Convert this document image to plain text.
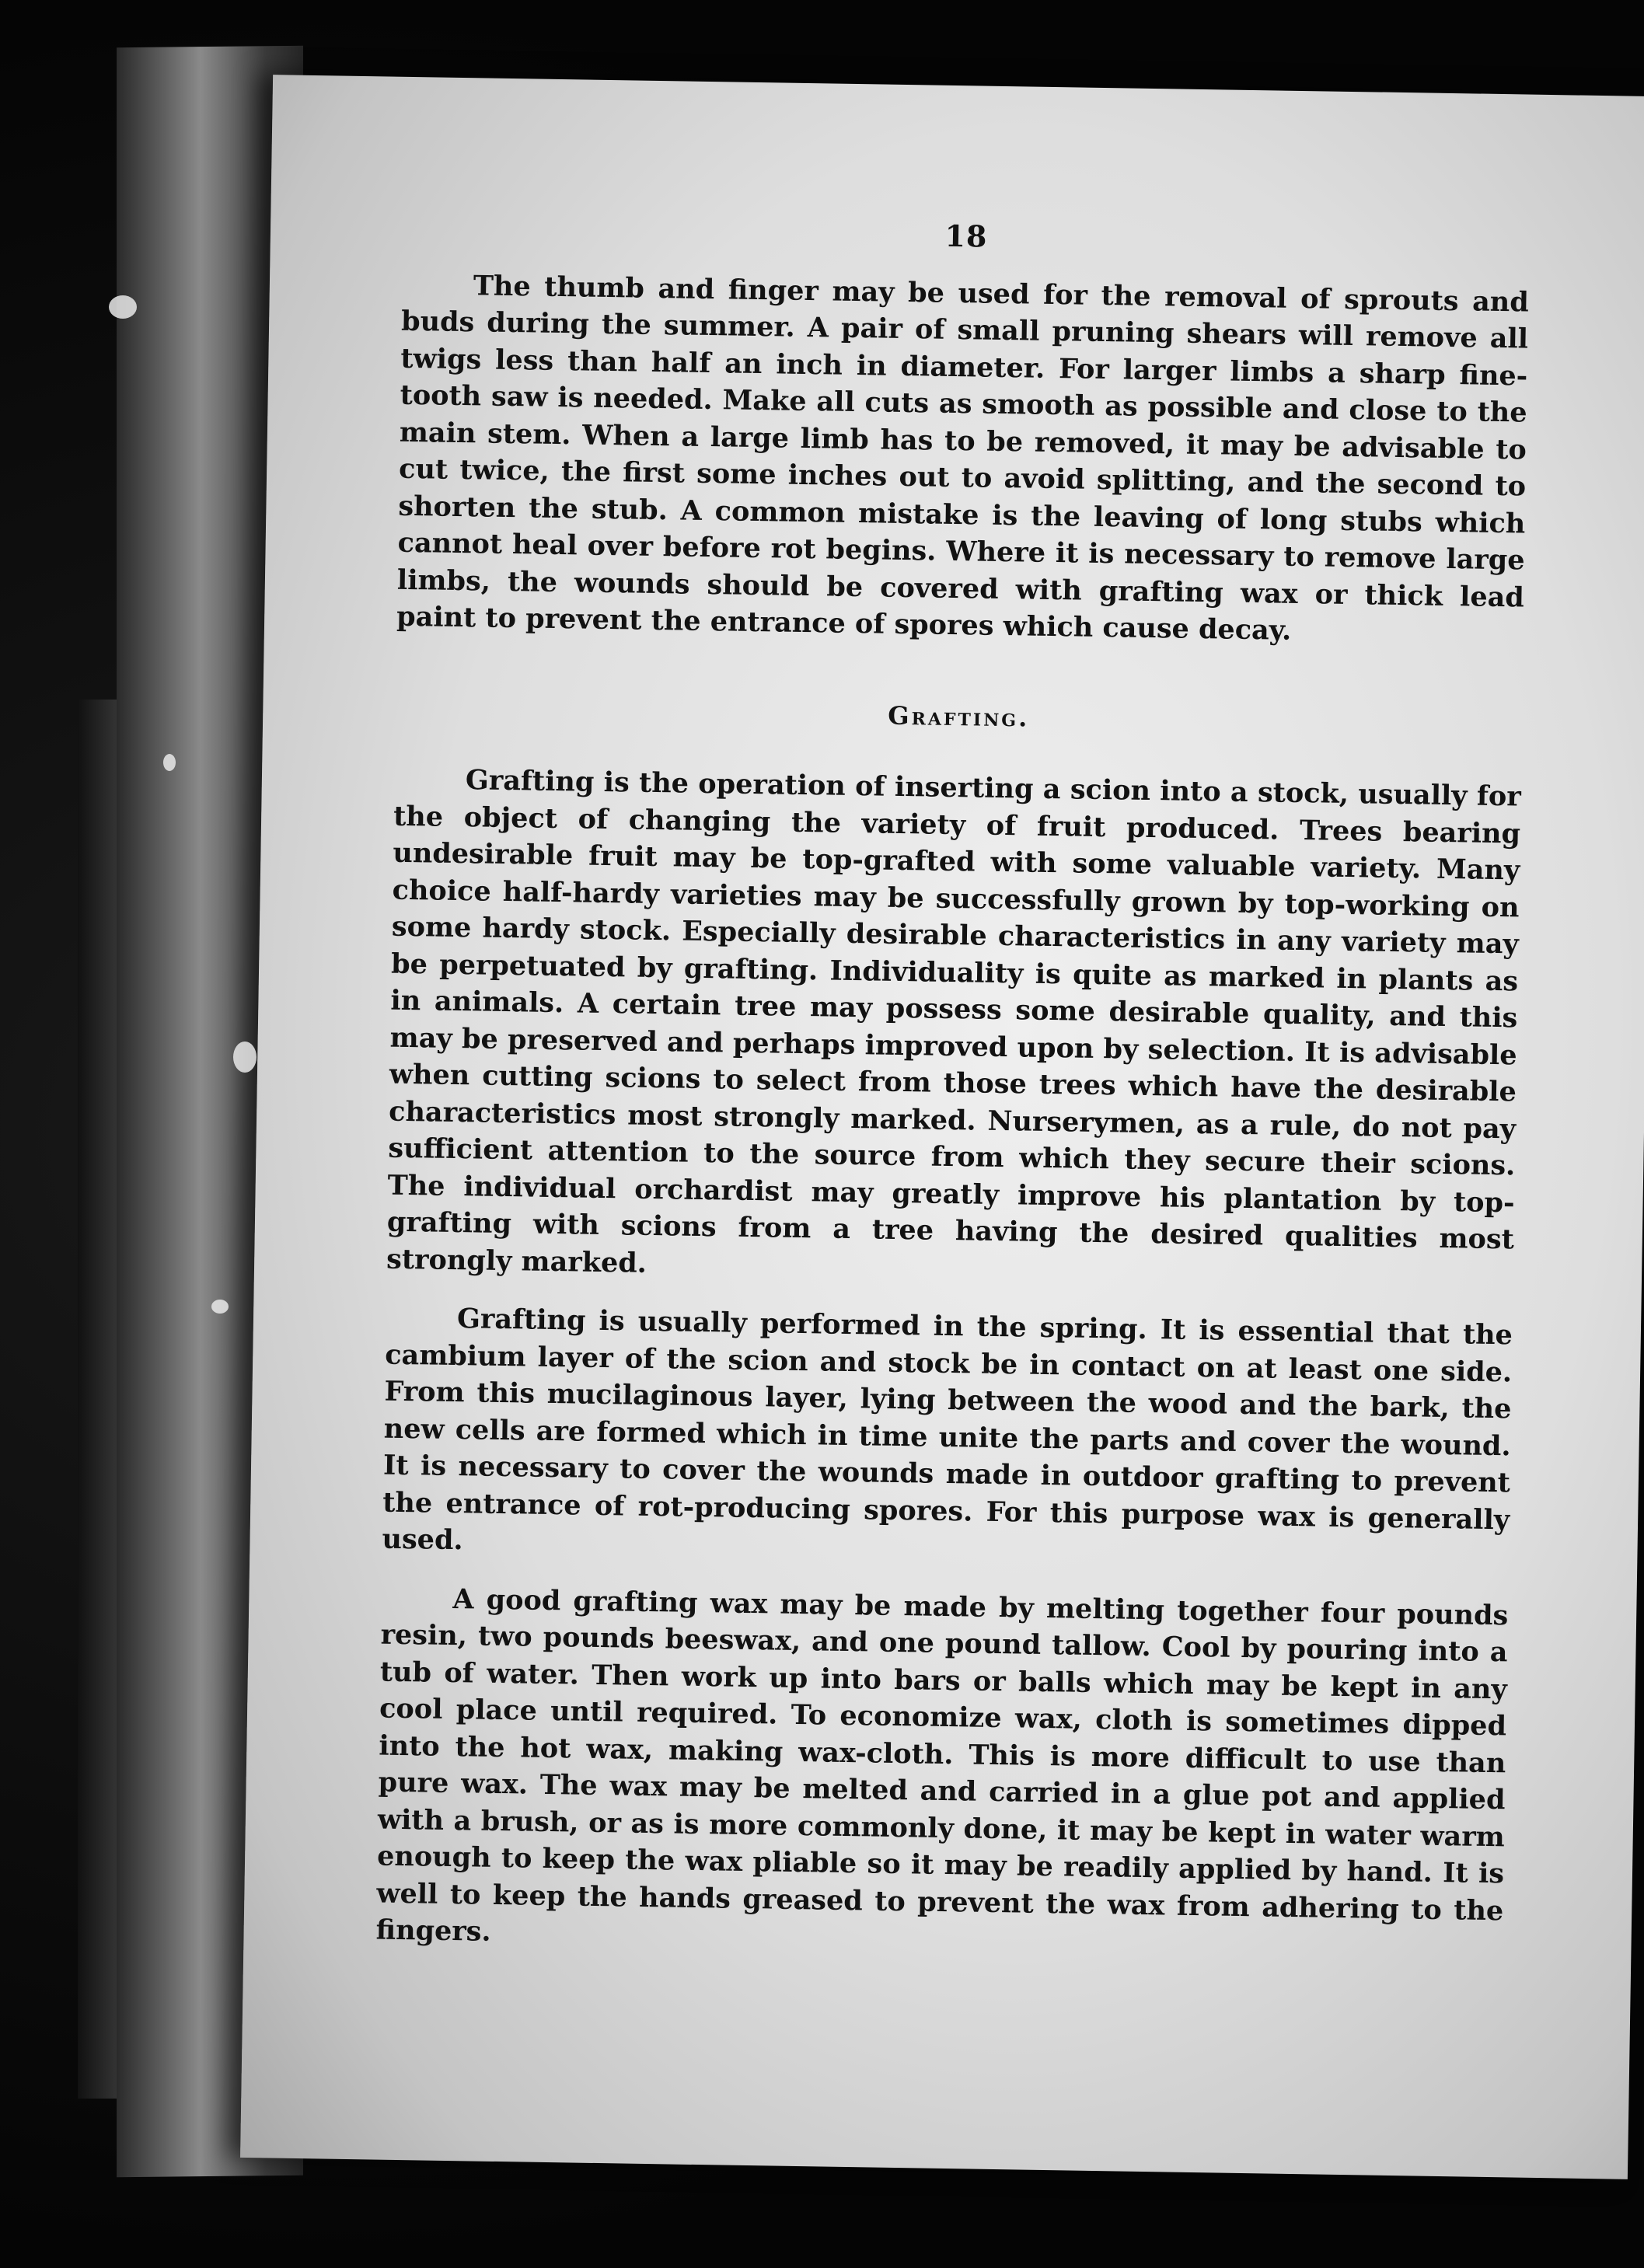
18

The thumb and finger may be used for the removal of sprouts and buds during the summer. A pair of small pruning shears will remove all twigs less than half an inch in diameter. For larger limbs a sharp fine-tooth saw is needed. Make all cuts as smooth as possible and close to the main stem. When a large limb has to be removed, it may be advisable to cut twice, the first some inches out to avoid splitting, and the second to shorten the stub. A common mistake is the leaving of long stubs which cannot heal over before rot begins. Where it is necessary to remove large limbs, the wounds should be covered with grafting wax or thick lead paint to prevent the entrance of spores which cause decay.

Grafting.

Grafting is the operation of inserting a scion into a stock, usually for the object of changing the variety of fruit produced. Trees bearing undesirable fruit may be top-grafted with some valuable variety. Many choice half-hardy varieties may be successfully grown by top-working on some hardy stock. Especially desirable characteristics in any variety may be perpetuated by grafting. Individuality is quite as marked in plants as in animals. A certain tree may possess some desirable quality, and this may be preserved and perhaps improved upon by selection. It is advisable when cutting scions to select from those trees which have the desirable characteristics most strongly marked. Nurserymen, as a rule, do not pay sufficient attention to the source from which they secure their scions. The individual orchardist may greatly improve his plantation by top-grafting with scions from a tree having the desired qualities most strongly marked.

Grafting is usually performed in the spring. It is essential that the cambium layer of the scion and stock be in contact on at least one side. From this mucilaginous layer, lying between the wood and the bark, the new cells are formed which in time unite the parts and cover the wound. It is necessary to cover the wounds made in outdoor grafting to prevent the entrance of rot-producing spores. For this purpose wax is generally used.

A good grafting wax may be made by melting together four pounds resin, two pounds beeswax, and one pound tallow. Cool by pouring into a tub of water. Then work up into bars or balls which may be kept in any cool place until required. To economize wax, cloth is sometimes dipped into the hot wax, making wax-cloth. This is more difficult to use than pure wax. The wax may be melted and carried in a glue pot and applied with a brush, or as is more commonly done, it may be kept in water warm enough to keep the wax pliable so it may be readily applied by hand. It is well to keep the hands greased to prevent the wax from adhering to the fingers.
